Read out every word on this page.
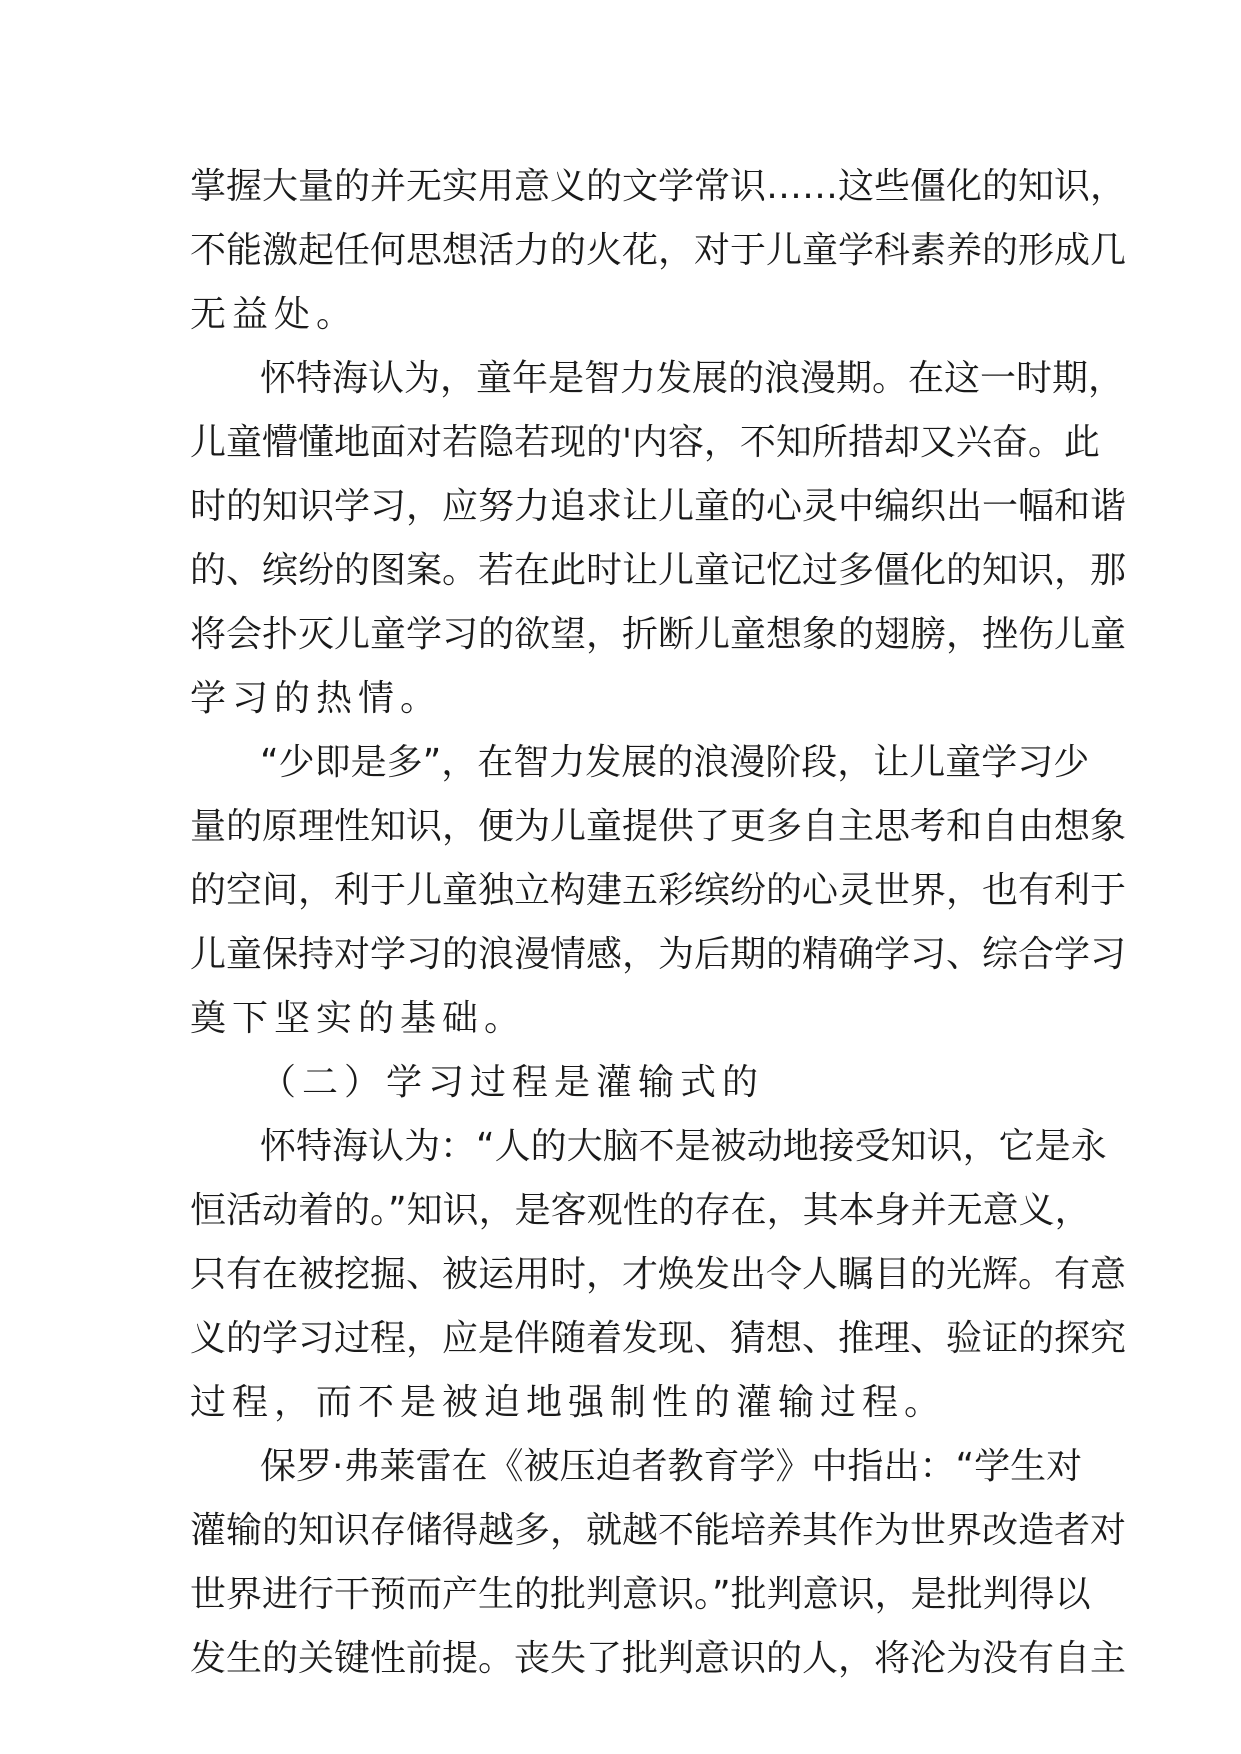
掌握大量的并无实用意义的文学常识……这些僵化的知识，
不能激起任何思想活力的火花，对于儿童学科素养的形成几
无益处。
怀特海认为，童年是智力发展的浪漫期。在这一时期，
儿童懵懂地面对若隐若现的'内容，不知所措却又兴奋。此
时的知识学习，应努力追求让儿童的心灵中编织出一幅和谐
的、缤纷的图案。若在此时让儿童记忆过多僵化的知识，那
将会扑灭儿童学习的欲望，折断儿童想象的翅膀，挫伤儿童
学习的热情。
“少即是多”，在智力发展的浪漫阶段，让儿童学习少
量的原理性知识，便为儿童提供了更多自主思考和自由想象
的空间，利于儿童独立构建五彩缤纷的心灵世界，也有利于
儿童保持对学习的浪漫情感，为后期的精确学习、综合学习
奠下坚实的基础。
（二）学习过程是灌输式的
怀特海认为：“人的大脑不是被动地接受知识，它是永
恒活动着的。”知识，是客观性的存在，其本身并无意义，
只有在被挖掘、被运用时，才焕发出令人瞩目的光辉。有意
义的学习过程，应是伴随着发现、猜想、推理、验证的探究
过程，而不是被迫地强制性的灌输过程。
保罗·弗莱雷在《被压迫者教育学》中指出：“学生对
灌输的知识存储得越多，就越不能培养其作为世界改造者对
世界进行干预而产生的批判意识。”批判意识，是批判得以
发生的关键性前提。丧失了批判意识的人，将沦为没有自主
